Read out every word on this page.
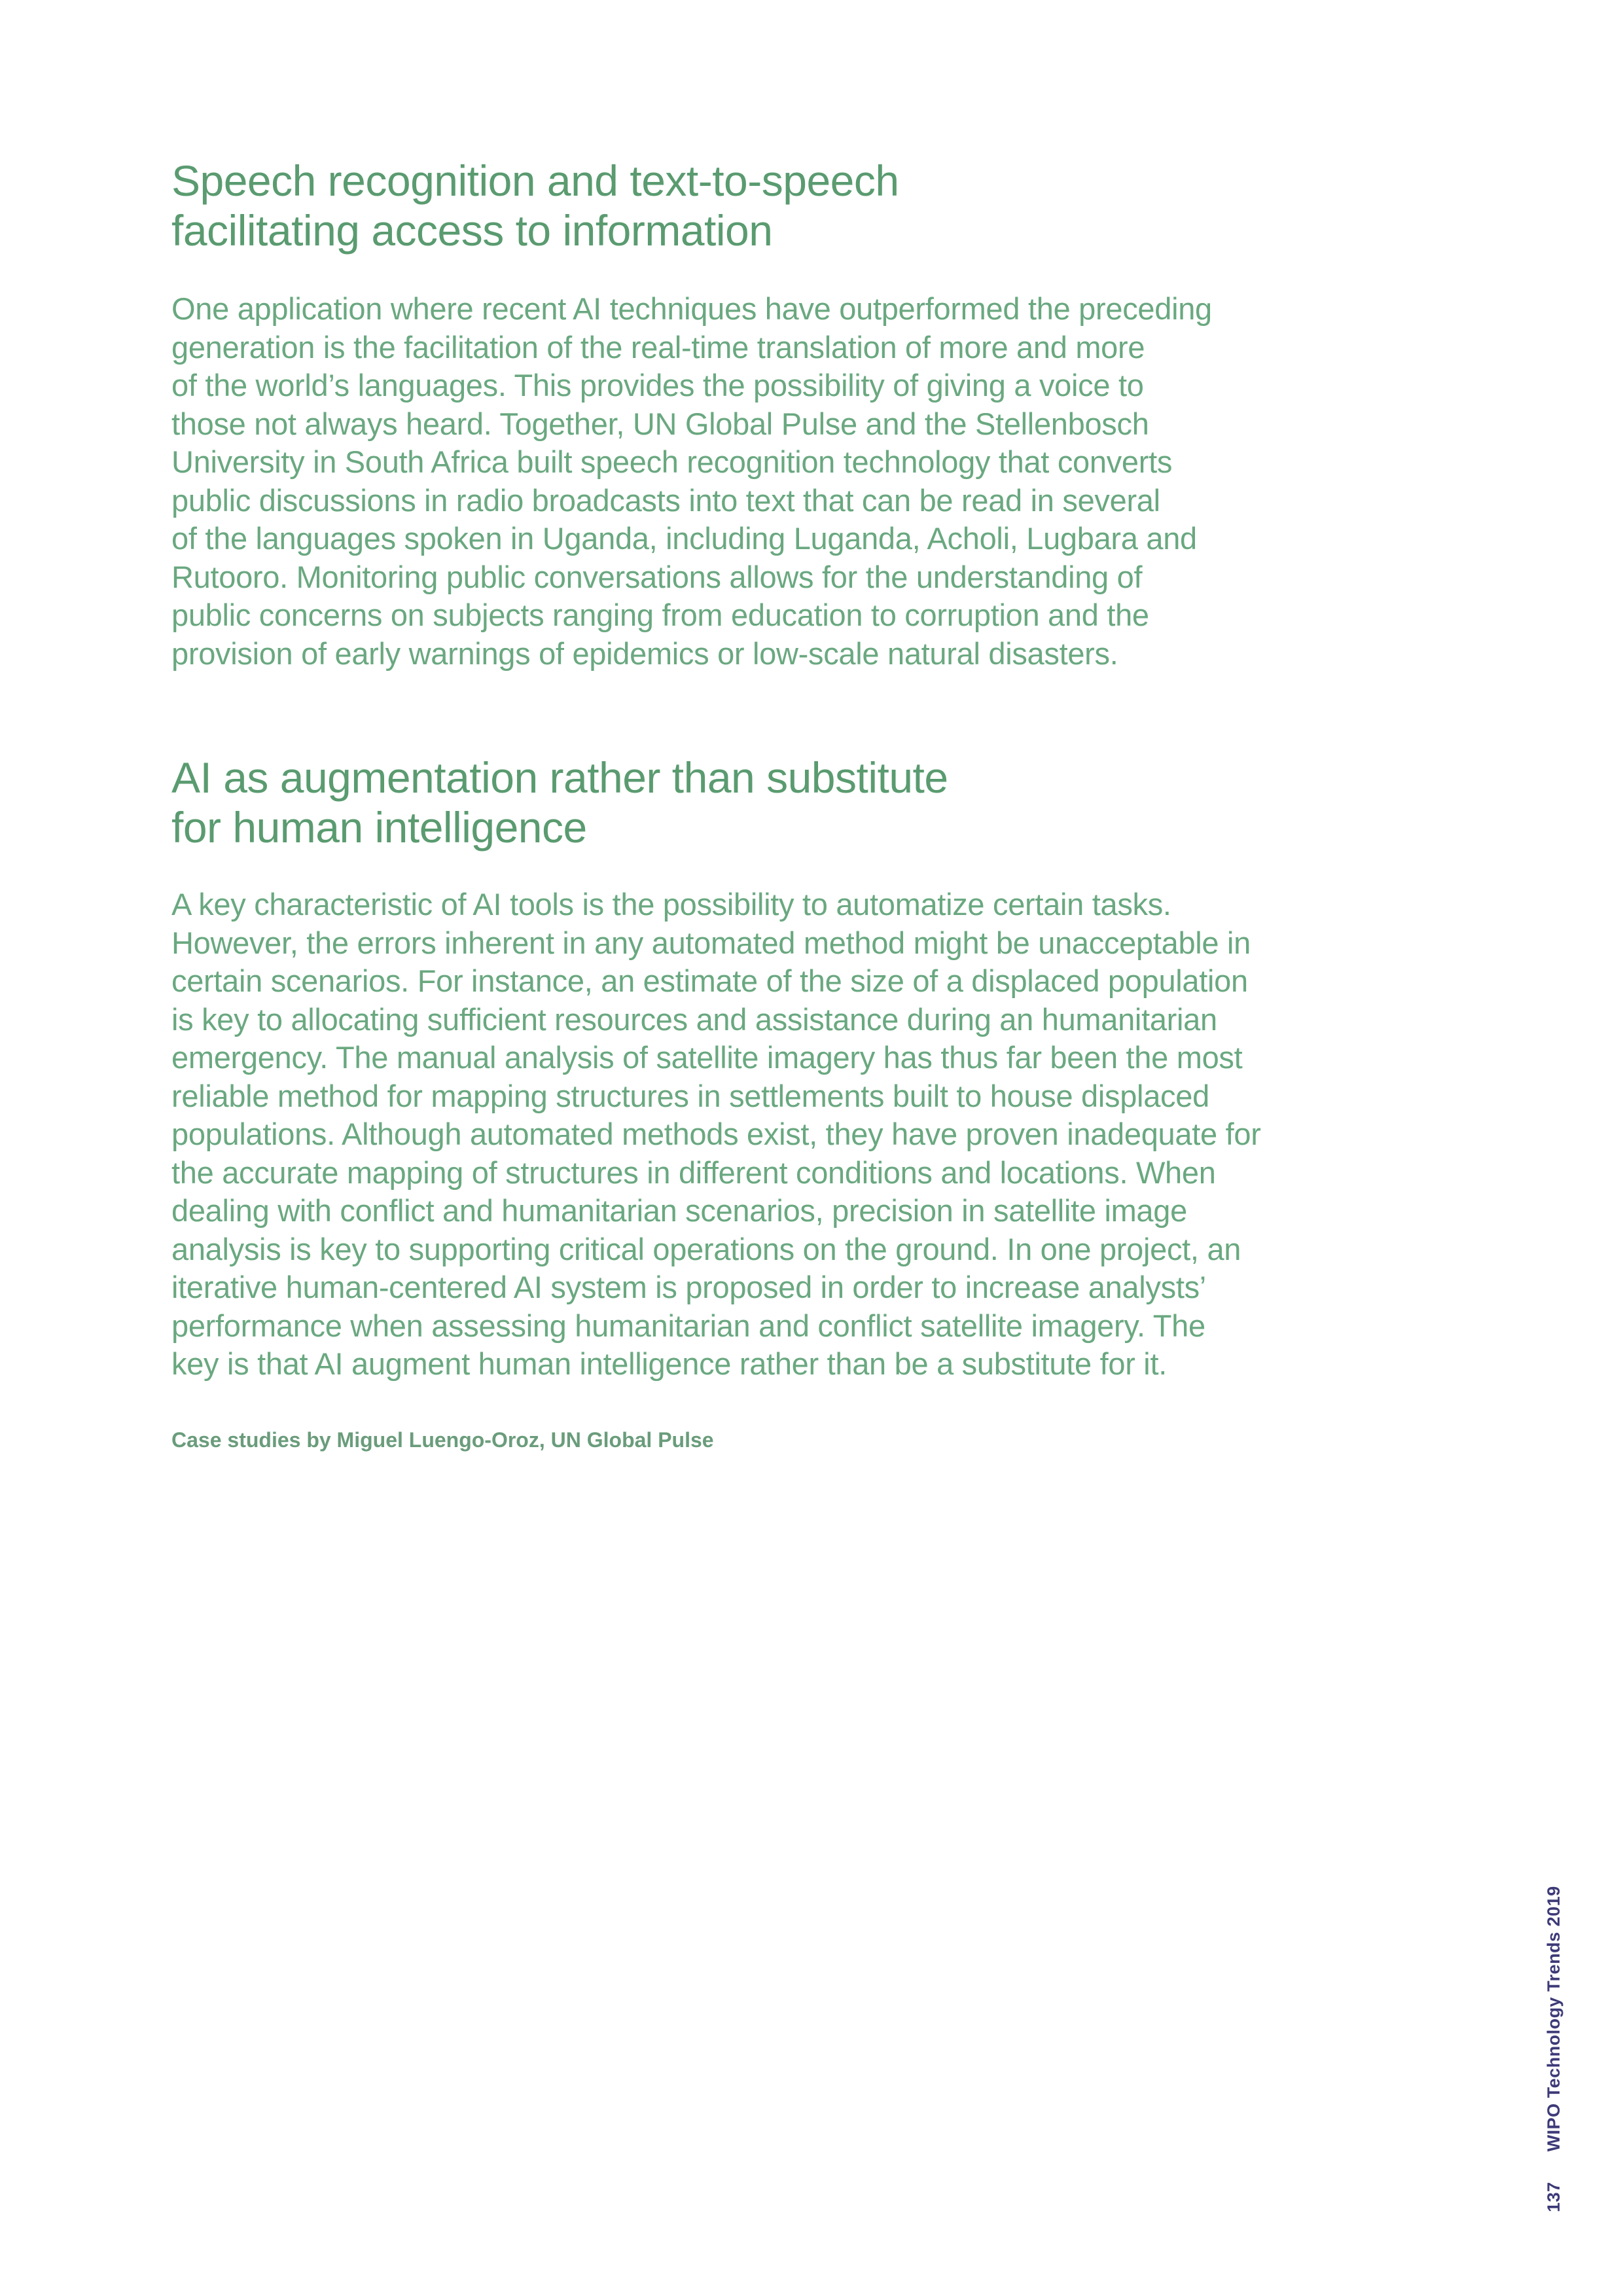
Speech recognition and text-to-speech
facilitating access to information
One application where recent AI techniques have outperformed the preceding
generation is the facilitation of the real-time translation of more and more
of the world’s languages. This provides the possibility of giving a voice to
those not always heard. Together, UN Global Pulse and the Stellenbosch
University in South Africa built speech recognition technology that converts
public discussions in radio broadcasts into text that can be read in several
of the languages spoken in Uganda, including Luganda, Acholi, Lugbara and
Rutooro. Monitoring public conversations allows for the understanding of
public concerns on subjects ranging from education to corruption and the
provision of early warnings of epidemics or low-scale natural disasters.
AI as augmentation rather than substitute
for human intelligence
A key characteristic of AI tools is the possibility to automatize certain tasks.
However, the errors inherent in any automated method might be unacceptable in
certain scenarios. For instance, an estimate of the size of a displaced population
is key to allocating sufficient resources and assistance during an humanitarian
emergency. The manual analysis of satellite imagery has thus far been the most
reliable method for mapping structures in settlements built to house displaced
populations. Although automated methods exist, they have proven inadequate for
the accurate mapping of structures in different conditions and locations. When
dealing with conflict and humanitarian scenarios, precision in satellite image
analysis is key to supporting critical operations on the ground. In one project, an
iterative human-centered AI system is proposed in order to increase analysts’
performance when assessing humanitarian and conflict satellite imagery. The
key is that AI augment human intelligence rather than be a substitute for it.

Case studies by Miguel Luengo-Oroz, UN Global Pulse

137 WIPO Technology Trends 2019
